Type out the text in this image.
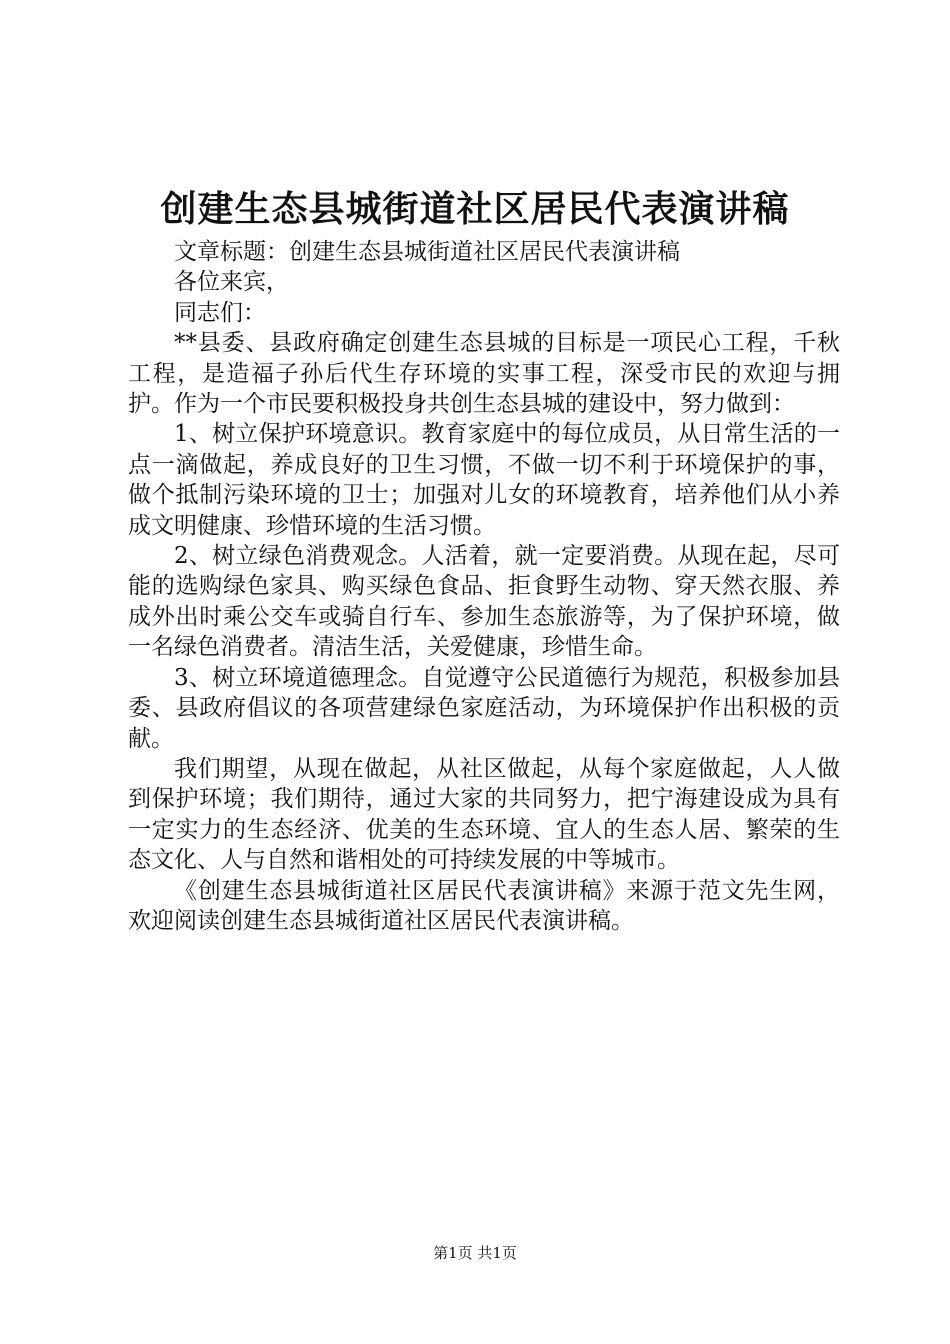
创建生态县城街道社区居民代表演讲稿

文章标题：创建生态县城街道社区居民代表演讲稿

各位来宾，

同志们：

**县委、县政府确定创建生态县城的目标是一项民心工程，千秋工程，是造福子孙后代生存环境的实事工程，深受市民的欢迎与拥护。作为一个市民要积极投身共创生态县城的建设中，努力做到：

1、树立保护环境意识。教育家庭中的每位成员，从日常生活的一点一滴做起，养成良好的卫生习惯，不做一切不利于环境保护的事，做个抵制污染环境的卫士；加强对儿女的环境教育，培养他们从小养成文明健康、珍惜环境的生活习惯。

2、树立绿色消费观念。人活着，就一定要消费。从现在起，尽可能的选购绿色家具、购买绿色食品、拒食野生动物、穿天然衣服、养成外出时乘公交车或骑自行车、参加生态旅游等，为了保护环境，做一名绿色消费者。清洁生活，关爱健康，珍惜生命。

3、树立环境道德理念。自觉遵守公民道德行为规范，积极参加县委、县政府倡议的各项营建绿色家庭活动，为环境保护作出积极的贡献。

我们期望，从现在做起，从社区做起，从每个家庭做起，人人做到保护环境；我们期待，通过大家的共同努力，把宁海建设成为具有一定实力的生态经济、优美的生态环境、宜人的生态人居、繁荣的生态文化、人与自然和谐相处的可持续发展的中等城市。

《创建生态县城街道社区居民代表演讲稿》来源于范文先生网，欢迎阅读创建生态县城街道社区居民代表演讲稿。

第1页 共1页
